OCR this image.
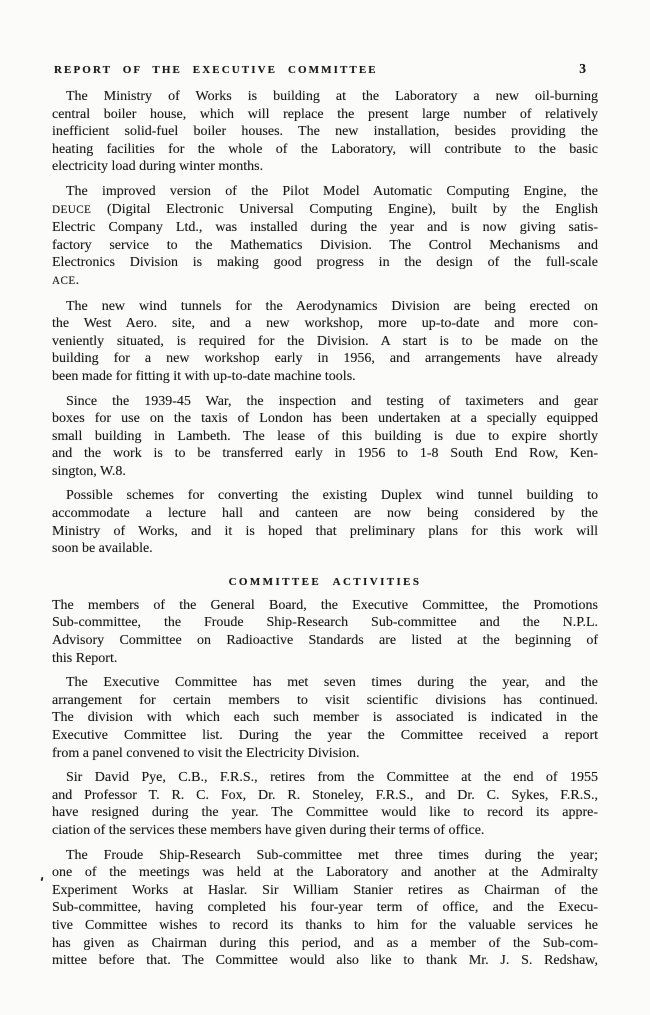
REPORT OF THE EXECUTIVE COMMITTEE	3
The Ministry of Works is building at the Laboratory a new oil-burning
central boiler house, which will replace the present large number of relatively
inefficient solid-fuel boiler houses. The new installation, besides providing the
heating facilities for the whole of the Laboratory, will contribute to the basic
electricity load during winter months.
The improved version of the Pilot Model Automatic Computing Engine, the
DEUCE (Digital Electronic Universal Computing Engine), built by the English
Electric Company Ltd., was installed during the year and is now giving satis-
factory service to the Mathematics Division. The Control Mechanisms and
Electronics Division is making good progress in the design of the full-scale
ACE.
The new wind tunnels for the Aerodynamics Division are being erected on
the West Aero. site, and a new workshop, more up-to-date and more con-
veniently situated, is required for the Division. A start is to be made on the
building for a new workshop early in 1956, and arrangements have already
been made for fitting it with up-to-date machine tools.
Since the 1939-45 War, the inspection and testing of taximeters and gear
boxes for use on the taxis of London has been undertaken at a specially equipped
small building in Lambeth. The lease of this building is due to expire shortly
and the work is to be transferred early in 1956 to 1-8 South End Row, Ken-
sington, W.8.
Possible schemes for converting the existing Duplex wind tunnel building to
accommodate a lecture hall and canteen are now being considered by the
Ministry of Works, and it is hoped that preliminary plans for this work will
soon be available.
COMMITTEE ACTIVITIES
The members of the General Board, the Executive Committee, the Promotions
Sub-committee, the Froude Ship-Research Sub-committee and the N.P.L.
Advisory Committee on Radioactive Standards are listed at the beginning of
this Report.
The Executive Committee has met seven times during the year, and the
arrangement for certain members to visit scientific divisions has continued.
The division with which each such member is associated is indicated in the
Executive Committee list. During the year the Committee received a report
from a panel convened to visit the Electricity Division.
Sir David Pye, C.B., F.R.S., retires from the Committee at the end of 1955
and Professor T. R. C. Fox, Dr. R. Stoneley, F.R.S., and Dr. C. Sykes, F.R.S.,
have resigned during the year. The Committee would like to record its appre-
ciation of the services these members have given during their terms of office.
The Froude Ship-Research Sub-committee met three times during the year;
one of the meetings was held at the Laboratory and another at the Admiralty
Experiment Works at Haslar. Sir William Stanier retires as Chairman of the
Sub-committee, having completed his four-year term of office, and the Execu-
tive Committee wishes to record its thanks to him for the valuable services he
has given as Chairman during this period, and as a member of the Sub-com-
mittee before that. The Committee would also like to thank Mr. J. S. Redshaw,
